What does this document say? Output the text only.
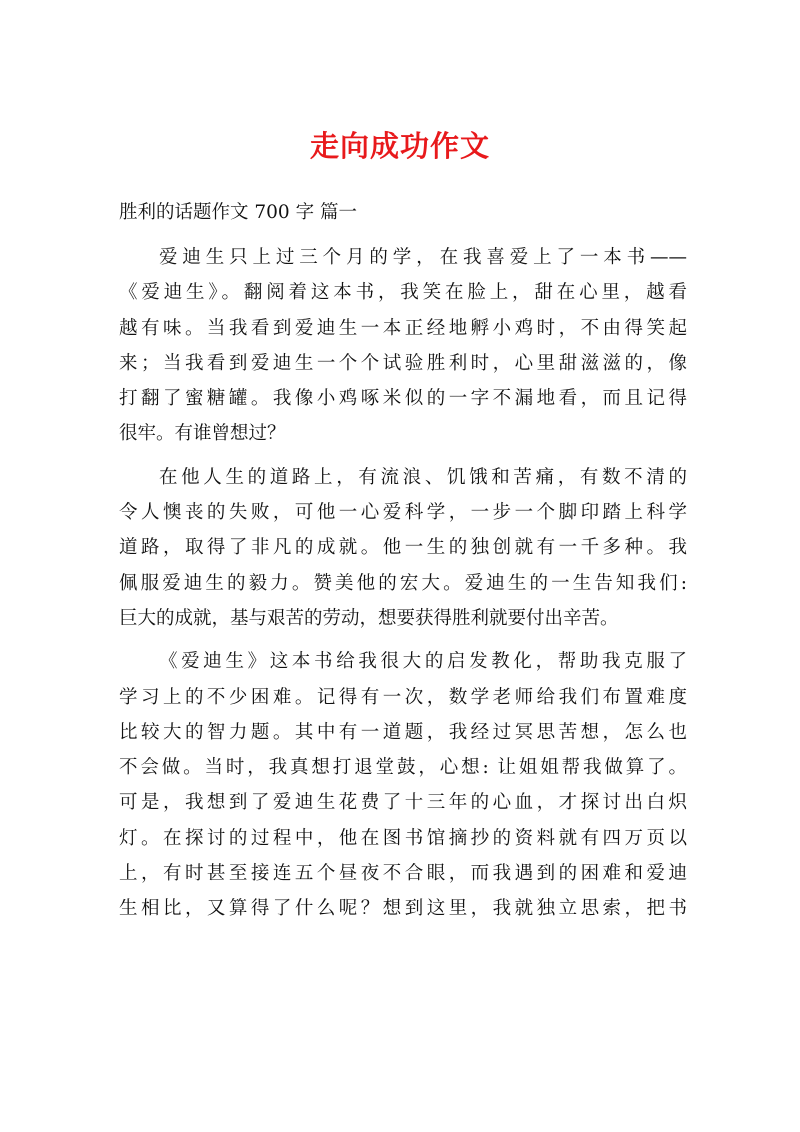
走向成功作文
胜利的话题作文 700 字 篇一
爱迪生只上过三个月的学，在我喜爱上了一本书——
《爱迪生》。翻阅着这本书，我笑在脸上，甜在心里，越看
越有味。当我看到爱迪生一本正经地孵小鸡时，不由得笑起
来；当我看到爱迪生一个个试验胜利时，心里甜滋滋的，像
打翻了蜜糖罐。我像小鸡啄米似的一字不漏地看，而且记得
很牢。有谁曾想过？
在他人生的道路上，有流浪、饥饿和苦痛，有数不清的
令人懊丧的失败，可他一心爱科学，一步一个脚印踏上科学
道路，取得了非凡的成就。他一生的独创就有一千多种。我
佩服爱迪生的毅力。赞美他的宏大。爱迪生的一生告知我们:
巨大的成就，基与艰苦的劳动，想要获得胜利就要付出辛苦。
《爱迪生》这本书给我很大的启发教化，帮助我克服了
学习上的不少困难。记得有一次，数学老师给我们布置难度
比较大的智力题。其中有一道题，我经过冥思苦想，怎么也
不会做。当时，我真想打退堂鼓，心想: 让姐姐帮我做算了。
可是，我想到了爱迪生花费了十三年的心血，才探讨出白炽
灯。在探讨的过程中，他在图书馆摘抄的资料就有四万页以
上，有时甚至接连五个昼夜不合眼，而我遇到的困难和爱迪
生相比，又算得了什么呢？想到这里，我就独立思索，把书
